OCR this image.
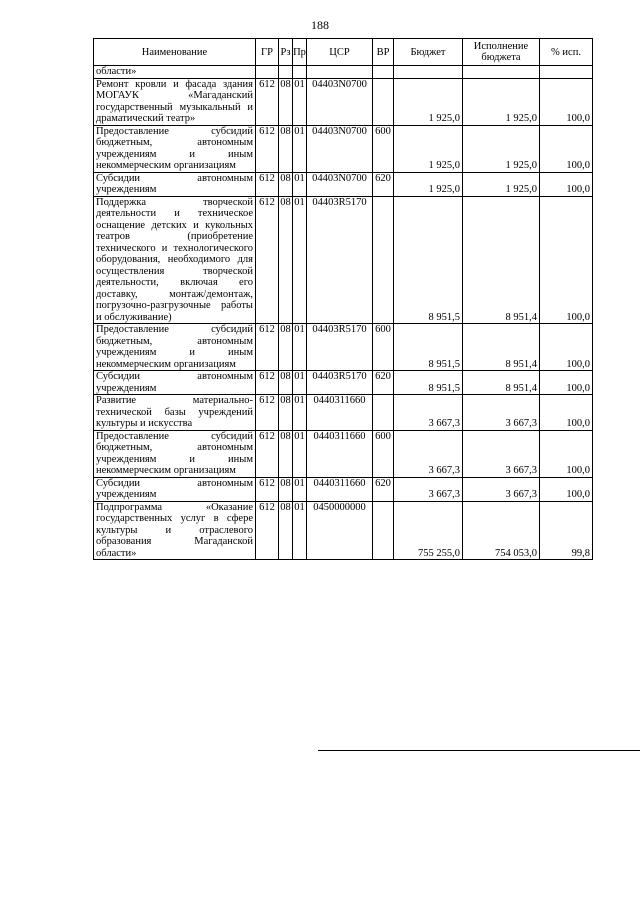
188
Наименование	ГР	Рз	Пр	ЦСР	ВР	Бюджет	Исполнение бюджета	% исп.
области»								
Ремонт кровли и фасада здания МОГАУК «Магаданский государственный музыкальный и драматический театр»	612	08	01	04403N0700		1 925,0	1 925,0	100,0
Предоставление субсидий бюджетным, автономным учреждениям и иным некоммерческим организациям	612	08	01	04403N0700	600	1 925,0	1 925,0	100,0
Субсидии автономным учреждениям	612	08	01	04403N0700	620	1 925,0	1 925,0	100,0
Поддержка творческой деятельности и техническое оснащение детских и кукольных театров (приобретение технического и технологического оборудования, необходимого для осуществления творческой деятельности, включая его доставку, монтаж/демонтаж, погрузочно-разгрузочные работы и обслуживание)	612	08	01	04403R5170		8 951,5	8 951,4	100,0
Предоставление субсидий бюджетным, автономным учреждениям и иным некоммерческим организациям	612	08	01	04403R5170	600	8 951,5	8 951,4	100,0
Субсидии автономным учреждениям	612	08	01	04403R5170	620	8 951,5	8 951,4	100,0
Развитие материально-технической базы учреждений культуры и искусства	612	08	01	0440311660		3 667,3	3 667,3	100,0
Предоставление субсидий бюджетным, автономным учреждениям и иным некоммерческим организациям	612	08	01	0440311660	600	3 667,3	3 667,3	100,0
Субсидии автономным учреждениям	612	08	01	0440311660	620	3 667,3	3 667,3	100,0
Подпрограмма «Оказание государственных услуг в сфере культуры и отраслевого образования Магаданской области»	612	08	01	0450000000		755 255,0	754 053,0	99,8
